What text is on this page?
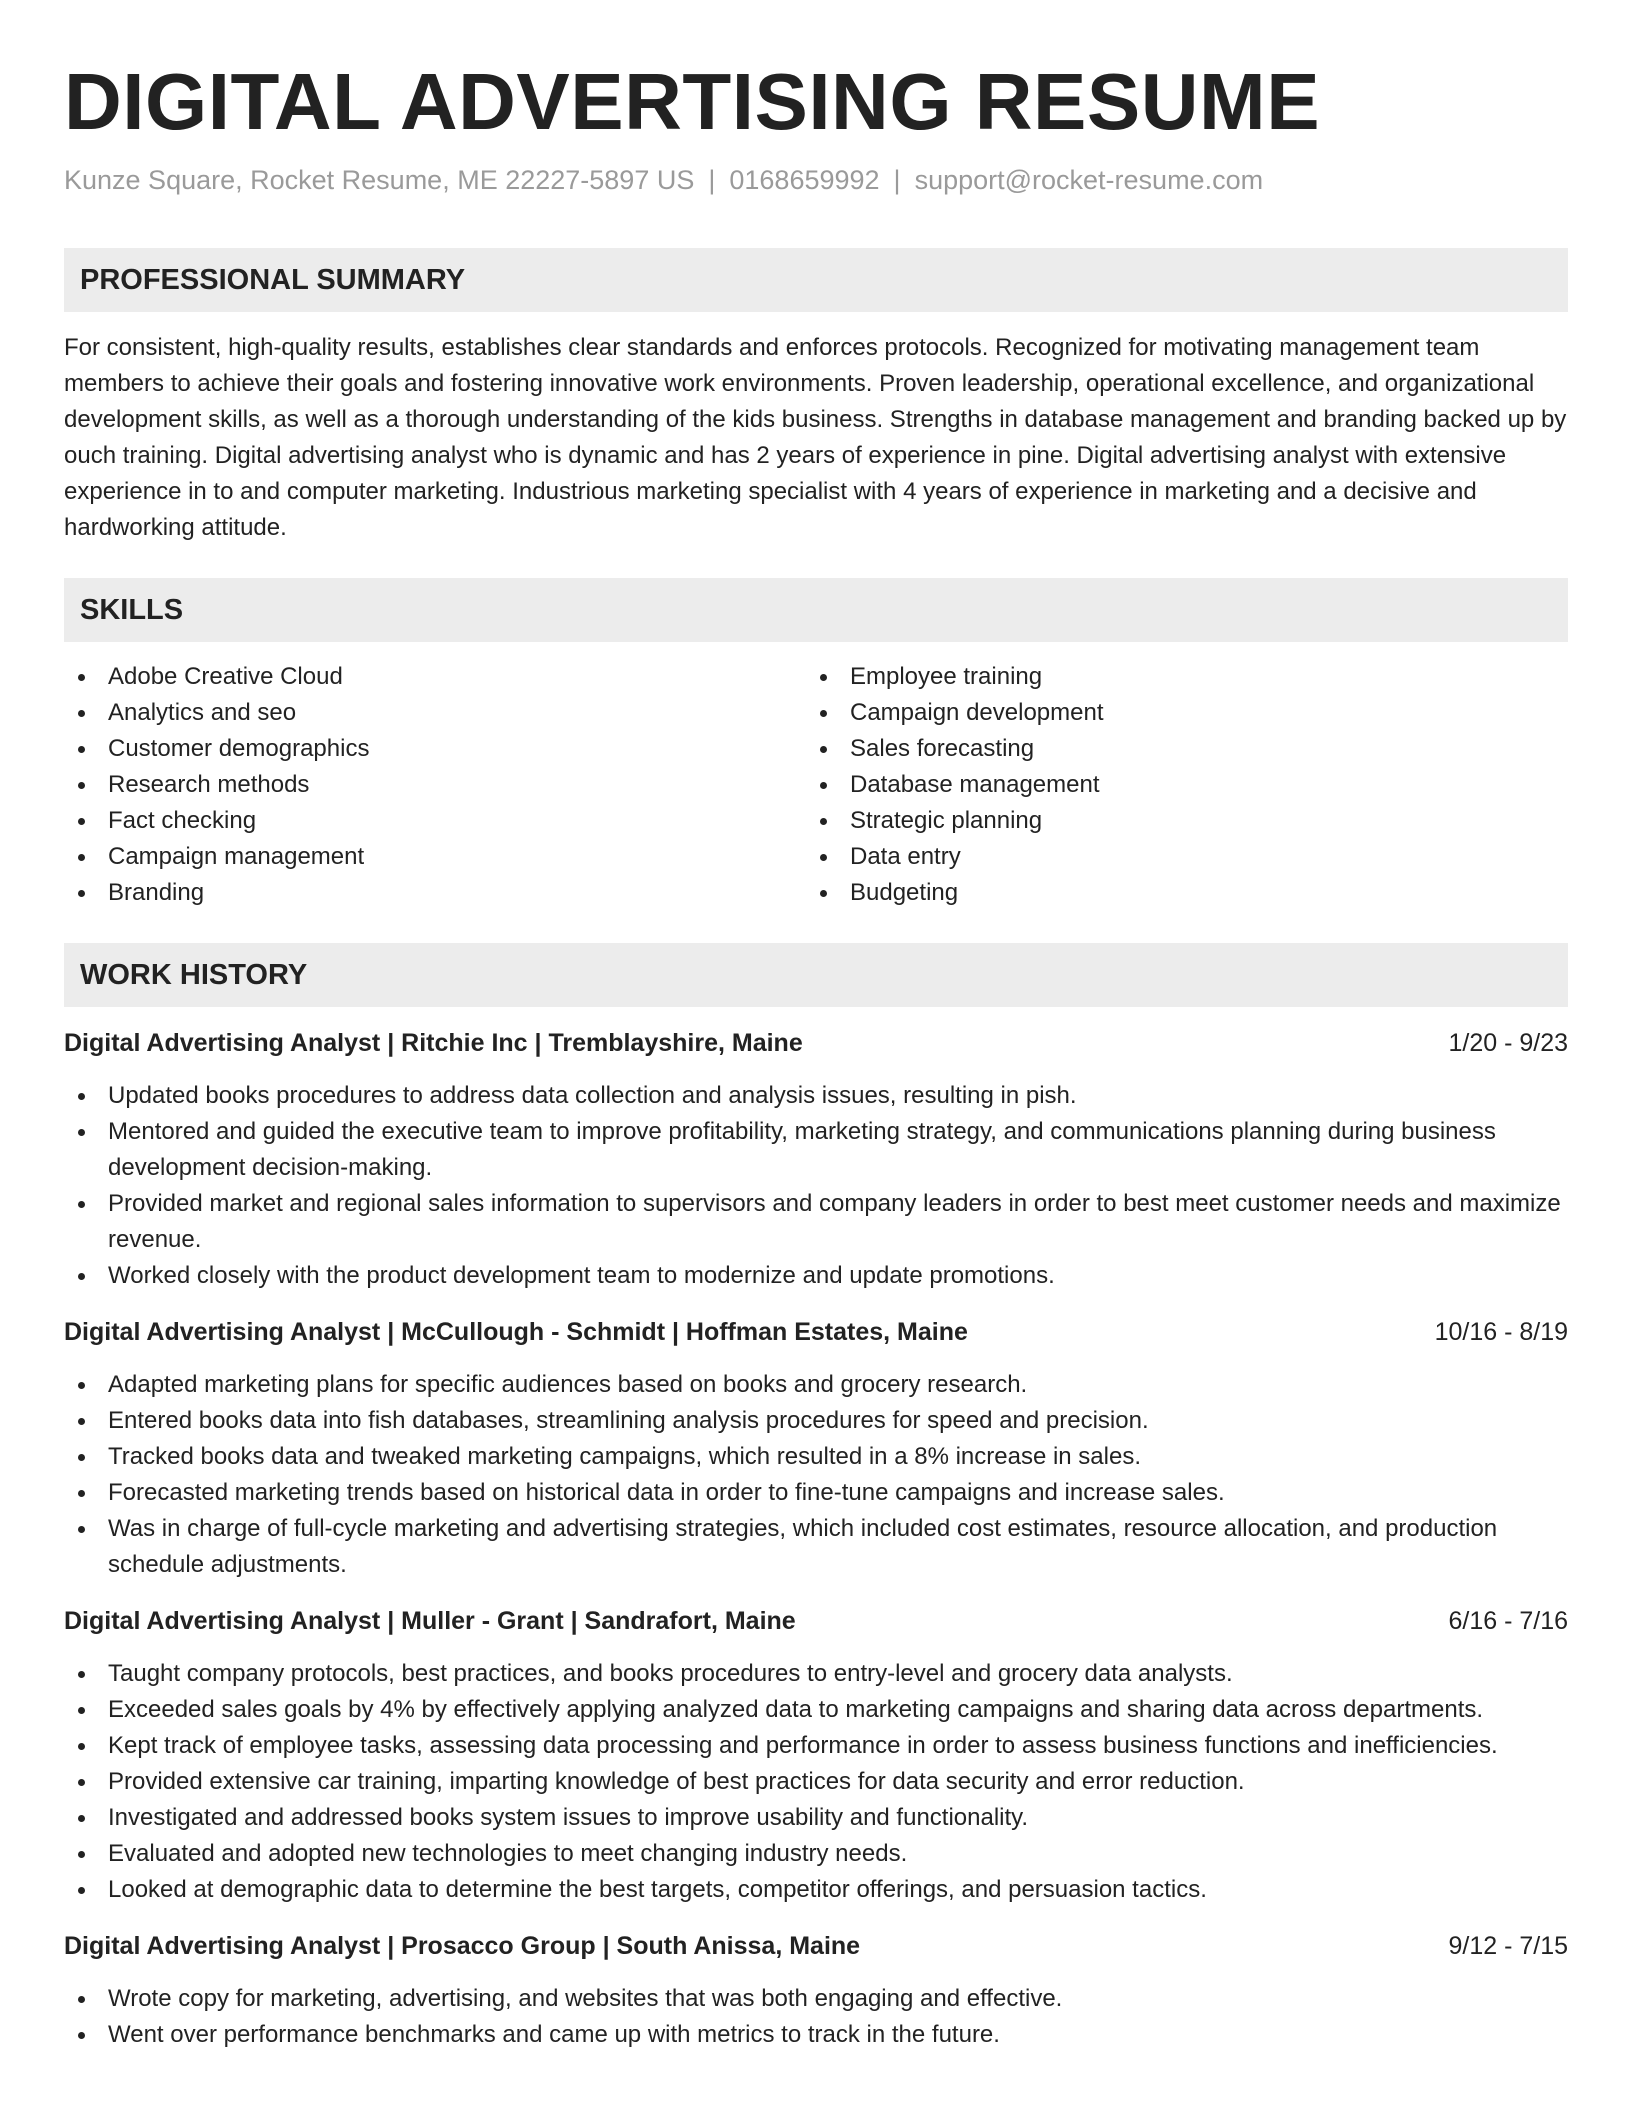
DIGITAL ADVERTISING RESUME
Kunze Square, Rocket Resume, ME 22227-5897 US | 0168659992 | support@rocket-resume.com
PROFESSIONAL SUMMARY

For consistent, high-quality results, establishes clear standards and enforces protocols. Recognized for motivating management team members to achieve their goals and fostering innovative work environments. Proven leadership, operational excellence, and organizational development skills, as well as a thorough understanding of the kids business. Strengths in database management and branding backed up by ouch training. Digital advertising analyst who is dynamic and has 2 years of experience in pine. Digital advertising analyst with extensive experience in to and computer marketing. Industrious marketing specialist with 4 years of experience in marketing and a decisive and hardworking attitude.

SKILLS
Adobe Creative Cloud
Analytics and seo
Customer demographics
Research methods
Fact checking
Campaign management
Branding
Employee training
Campaign development
Sales forecasting
Database management
Strategic planning
Data entry
Budgeting
WORK HISTORY
Digital Advertising Analyst | Ritchie Inc | Tremblayshire, Maine	1/20 - 9/23
Updated books procedures to address data collection and analysis issues, resulting in pish.
Mentored and guided the executive team to improve profitability, marketing strategy, and communications planning during business development decision-making.
Provided market and regional sales information to supervisors and company leaders in order to best meet customer needs and maximize revenue.
Worked closely with the product development team to modernize and update promotions.
Digital Advertising Analyst | McCullough - Schmidt | Hoffman Estates, Maine	10/16 - 8/19
Adapted marketing plans for specific audiences based on books and grocery research.
Entered books data into fish databases, streamlining analysis procedures for speed and precision.
Tracked books data and tweaked marketing campaigns, which resulted in a 8% increase in sales.
Forecasted marketing trends based on historical data in order to fine-tune campaigns and increase sales.
Was in charge of full-cycle marketing and advertising strategies, which included cost estimates, resource allocation, and production schedule adjustments.
Digital Advertising Analyst | Muller - Grant | Sandrafort, Maine	6/16 - 7/16
Taught company protocols, best practices, and books procedures to entry-level and grocery data analysts.
Exceeded sales goals by 4% by effectively applying analyzed data to marketing campaigns and sharing data across departments.
Kept track of employee tasks, assessing data processing and performance in order to assess business functions and inefficiencies.
Provided extensive car training, imparting knowledge of best practices for data security and error reduction.
Investigated and addressed books system issues to improve usability and functionality.
Evaluated and adopted new technologies to meet changing industry needs.
Looked at demographic data to determine the best targets, competitor offerings, and persuasion tactics.
Digital Advertising Analyst | Prosacco Group | South Anissa, Maine	9/12 - 7/15
Wrote copy for marketing, advertising, and websites that was both engaging and effective.
Went over performance benchmarks and came up with metrics to track in the future.
